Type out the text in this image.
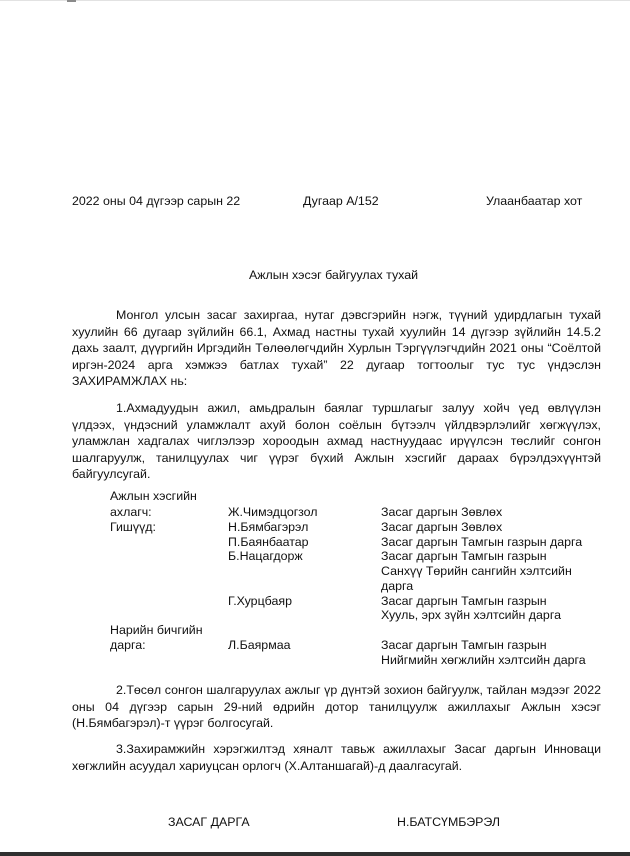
2022 оны 04 дүгээр сарын 22	Дугаар А/152	Улаанбаатар хот
Ажлын хэсэг байгуулах тухай
Монгол улсын засаг захиргаа, нутаг дэвсгэрийн нэгж, түүний удирдлагын тухай хуулийн 66 дугаар зүйлийн 66.1, Ахмад настны тухай хуулийн 14 дүгээр зүйлийн 14.5.2 дахь заалт, дүүргийн Иргэдийн Төлөөлөгчдийн Хурлын Тэргүүлэгчдийн 2021 оны “Соёлтой иргэн-2024 арга хэмжээ батлах тухай” 22 дугаар тогтоолыг тус тус үндэслэн ЗАХИРАМЖЛАХ нь:
1.Ахмадуудын ажил, амьдралын баялаг туршлагыг залуу хойч үед өвлүүлэн үлдээх, үндэсний уламжлалт ахуй болон соёлын бүтээлч үйлдвэрлэлийг хөгжүүлэх, уламжлан хадгалах чиглэлээр хороодын ахмад настнуудаас ирүүлсэн төслийг сонгон шалгаруулж, танилцуулах чиг үүрэг бүхий Ажлын хэсгийг дараах бүрэлдэхүүнтэй байгуулсугай.
Ажлын хэсгийн
ахлагч:	Ж.Чимэдцогзол	Засаг даргын Зөвлөх
Гишүүд:	Н.Бямбагэрэл	Засаг даргын Зөвлөх
П.Баянбаатар	Засаг даргын Тамгын газрын дарга
Б.Нацагдорж	Засаг даргын Тамгын газрын
Санхүү Төрийн сангийн хэлтсийн
дарга
Г.Хурцбаяр	Засаг даргын Тамгын газрын
Хууль, эрх зүйн хэлтсийн дарга
Нарийн бичгийн
дарга:	Л.Баярмаа	Засаг даргын Тамгын газрын
Нийгмийн хөгжлийн хэлтсийн дарга
2.Төсөл сонгон шалгаруулах ажлыг үр дүнтэй зохион байгуулж, тайлан мэдээг 2022 оны 04 дүгээр сарын 29-ний өдрийн дотор танилцуулж ажиллахыг Ажлын хэсэг (Н.Бямбагэрэл)-т үүрэг болгосугай.
3.Захирамжийн хэрэгжилтэд хяналт тавьж ажиллахыг Засаг даргын Инноваци хөгжлийн асуудал хариуцсан орлогч (Х.Алтаншагай)-д даалгасугай.
ЗАСАГ ДАРГА	Н.БАТСҮМБЭРЭЛ
